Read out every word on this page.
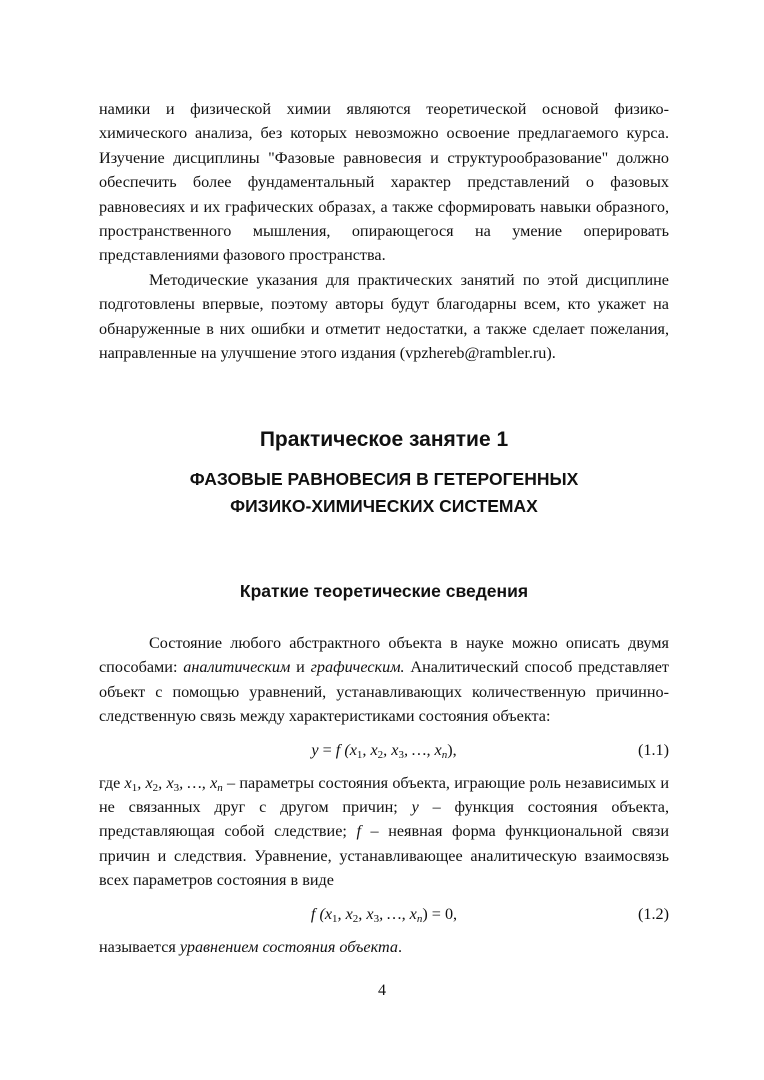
намики и физической химии являются теоретической основой физико-химического анализа, без которых невозможно освоение предлагаемого курса. Изучение дисциплины "Фазовые равновесия и структурообразование" должно обеспечить более фундаментальный характер представлений о фазовых равновесиях и их графических образах, а также сформировать навыки образного, пространственного мышления, опирающегося на умение оперировать представлениями фазового пространства.

Методические указания для практических занятий по этой дисциплине подготовлены впервые, поэтому авторы будут благодарны всем, кто укажет на обнаруженные в них ошибки и отметит недостатки, а также сделает пожелания, направленные на улучшение этого издания (vpzhereb@rambler.ru).

Практическое занятие 1
ФАЗОВЫЕ РАВНОВЕСИЯ В ГЕТЕРОГЕННЫХ
ФИЗИКО-ХИМИЧЕСКИХ СИСТЕМАХ
Краткие теоретические сведения

Состояние любого абстрактного объекта в науке можно описать двумя способами: аналитическим и графическим. Аналитический способ представляет объект с помощью уравнений, устанавливающих количественную причинно-следственную связь между характеристиками состояния объекта:

y = f ($x_1$, $x_2$, $x_3$, …, $x_n$),	(1.1)

где $x_1$, $x_2$, $x_3$, …, $x_n$ – параметры состояния объекта, играющие роль независимых и не связанных друг с другом причин; y – функция состояния объекта, представляющая собой следствие; f – неявная форма функциональной связи причин и следствия. Уравнение, устанавливающее аналитическую взаимосвязь всех параметров состояния в виде

f ($x_1$, $x_2$, $x_3$, …, $x_n) = 0$,	(1.2)

называется уравнением состояния объекта.

4
